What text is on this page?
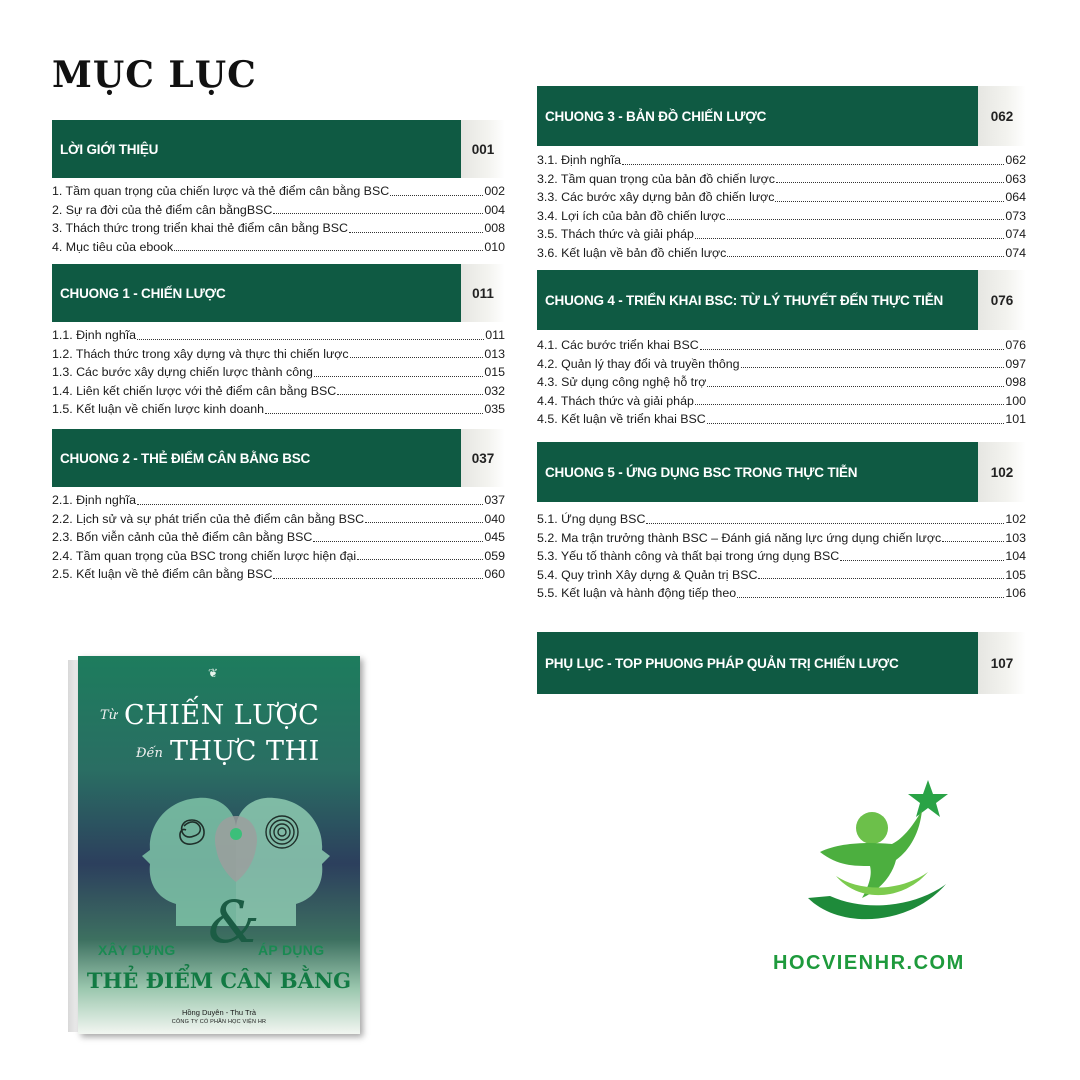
MỤC LỤC
LỜI GIỚI THIỆU	001
1. Tầm quan trọng của chiến lược và thẻ điểm cân bằng BSC	002
2. Sự ra đời của thẻ điểm cân bằngBSC	004
3. Thách thức trong triển khai thẻ điểm cân bằng BSC	008
4. Mục tiêu của ebook	010
CHUONG 1 - CHIẾN LƯỢC	011
1.1. Định nghĩa	011
1.2. Thách thức trong xây dựng và thực thi chiến lược	013
1.3. Các bước xây dựng chiến lược thành công	015
1.4. Liên kết chiến lược với thẻ điểm cân bằng BSC	032
1.5. Kết luận về chiến lược kinh doanh	035
CHUONG 2 - THẺ ĐIỂM CÂN BẰNG BSC	037
2.1. Định nghĩa	037
2.2. Lịch sử và sự phát triển của thẻ điểm cân bằng BSC	040
2.3. Bốn viễn cảnh của thẻ điểm cân bằng BSC	045
2.4. Tầm quan trọng của BSC trong chiến lược hiện đại	059
2.5. Kết luận về thẻ điểm cân bằng BSC	060
CHUONG 3 - BẢN ĐỒ CHIẾN LƯỢC	062
3.1. Định nghĩa	062
3.2. Tầm quan trọng của bản đồ chiến lược	063
3.3. Các bước xây dựng bản đồ chiến lược	064
3.4. Lợi ích của bản đồ chiến lược	073
3.5. Thách thức và giải pháp	074
3.6. Kết luận về bản đồ chiến lược	074
CHUONG 4 - TRIỂN KHAI BSC: TỪ LÝ THUYẾT ĐẾN THỰC TIỄN	076
4.1. Các bước triển khai BSC	076
4.2. Quản lý thay đổi và truyền thông	097
4.3. Sử dụng công nghệ hỗ trợ	098
4.4. Thách thức và giải pháp	100
4.5. Kết luận về triển khai BSC	101
CHUONG 5 - ỨNG DỤNG BSC TRONG THỰC TIỄN	102
5.1. Ứng dụng BSC	102
5.2. Ma trận trưởng thành BSC – Đánh giá năng lực ứng dụng chiến lược	103
5.3. Yếu tố thành công và thất bại trong ứng dụng BSC	104
5.4. Quy trình Xây dựng & Quản trị BSC	105
5.5. Kết luận và hành động tiếp theo	106
PHỤ LỤC - TOP PHUONG PHÁP QUẢN TRỊ CHIẾN LƯỢC	107
❦
Từ CHIẾN LƯỢC
Đến THỰC THI
XÂY DỰNG &
ÁP DỤNG
THẺ ĐIỂM CÂN BẰNG
Hồng Duyên - Thu Trà
CÔNG TY CỔ PHẦN HỌC VIỆN HR
HOCVIENHR.COM
